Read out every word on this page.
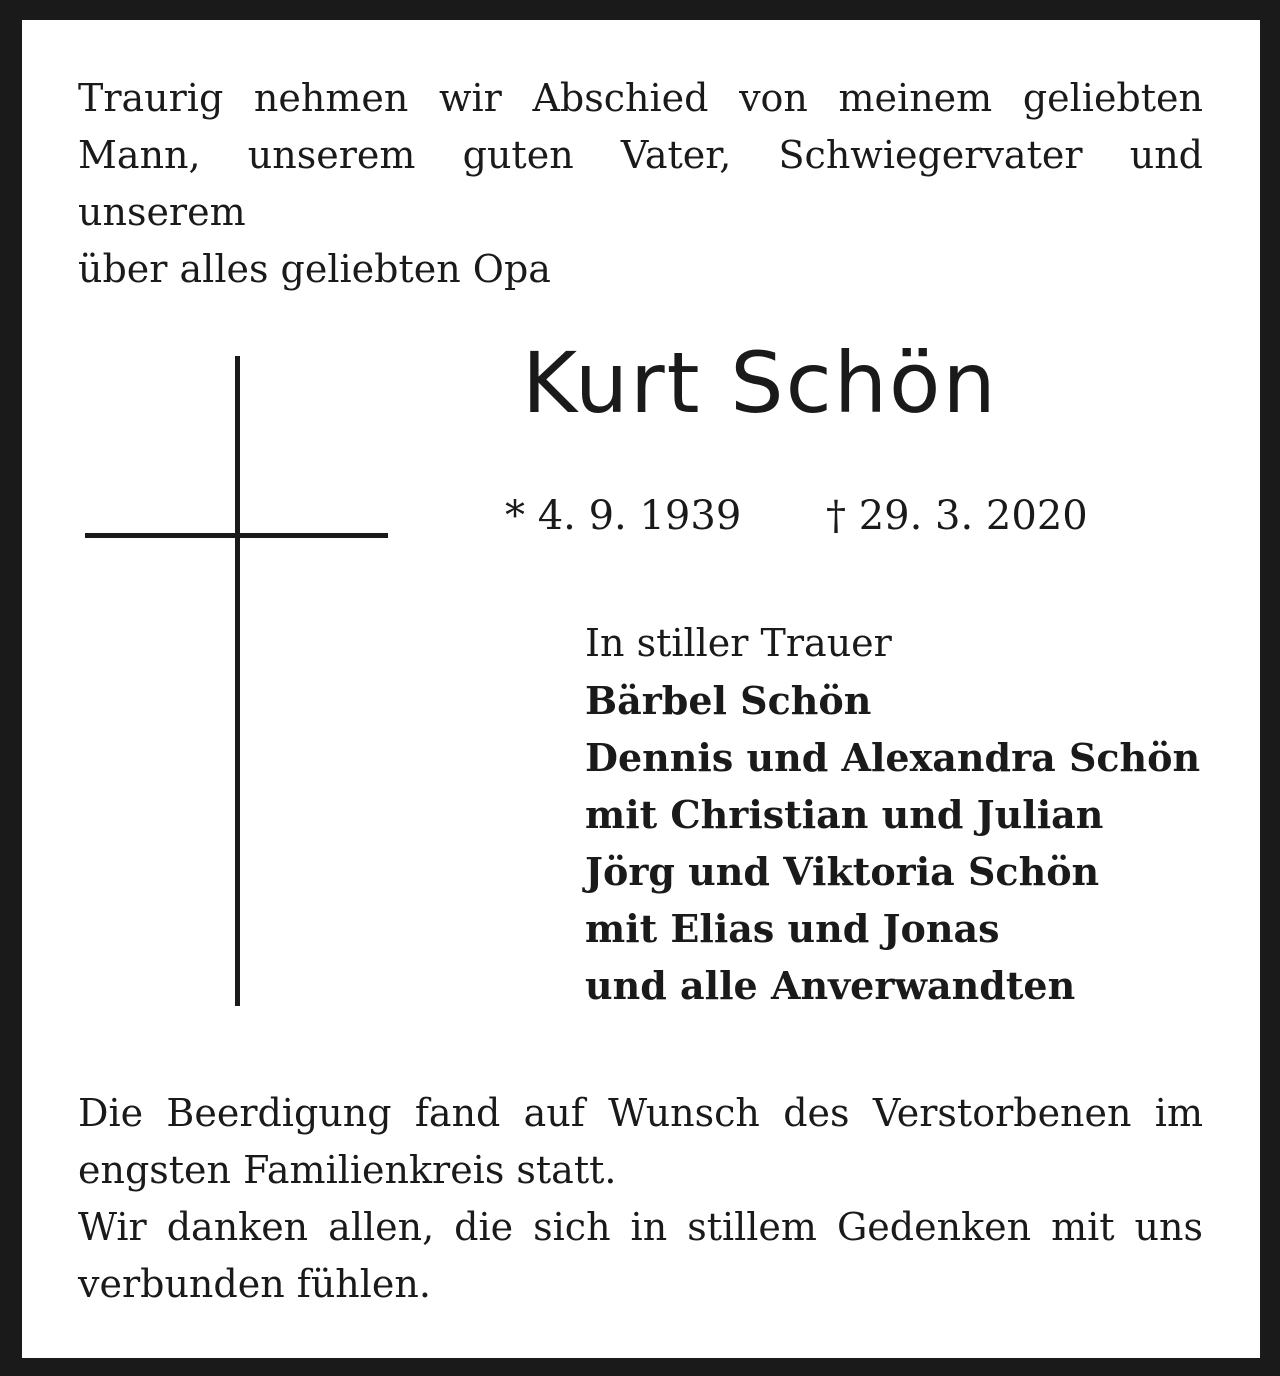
Traurig nehmen wir Abschied von meinem geliebten
Mann, unserem guten Vater, Schwiegervater und unserem
über alles geliebten Opa

Kurt Schön
* 4. 9. 1939 † 29. 3. 2020
In stiller Trauer
Bärbel Schön
Dennis und Alexandra Schön
mit Christian und Julian
Jörg und Viktoria Schön
mit Elias und Jonas
und alle Anverwandten

Die Beerdigung fand auf Wunsch des Verstorbenen im
engsten Familienkreis statt.
Wir danken allen, die sich in stillem Gedenken mit uns
verbunden fühlen.
